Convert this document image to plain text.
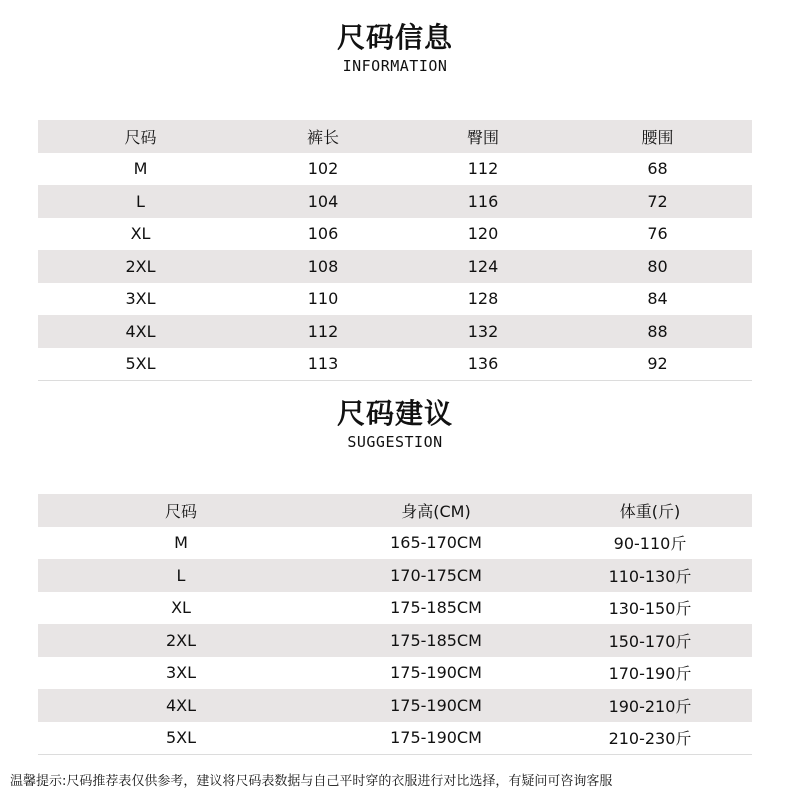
尺码信息
INFORMATION
尺码	裤长	臀围	腰围
M	102	112	68
L	104	116	72
XL	106	120	76
2XL	108	124	80
3XL	110	128	84
4XL	112	132	88
5XL	113	136	92
尺码建议
SUGGESTION
尺码	身高(CM)	体重(斤)
M	165-170CM	90-110斤
L	170-175CM	110-130斤
XL	175-185CM	130-150斤
2XL	175-185CM	150-170斤
3XL	175-190CM	170-190斤
4XL	175-190CM	190-210斤
5XL	175-190CM	210-230斤
温馨提示:尺码推荐表仅供参考，建议将尺码表数据与自己平时穿的衣服进行对比选择，有疑问可咨询客服
